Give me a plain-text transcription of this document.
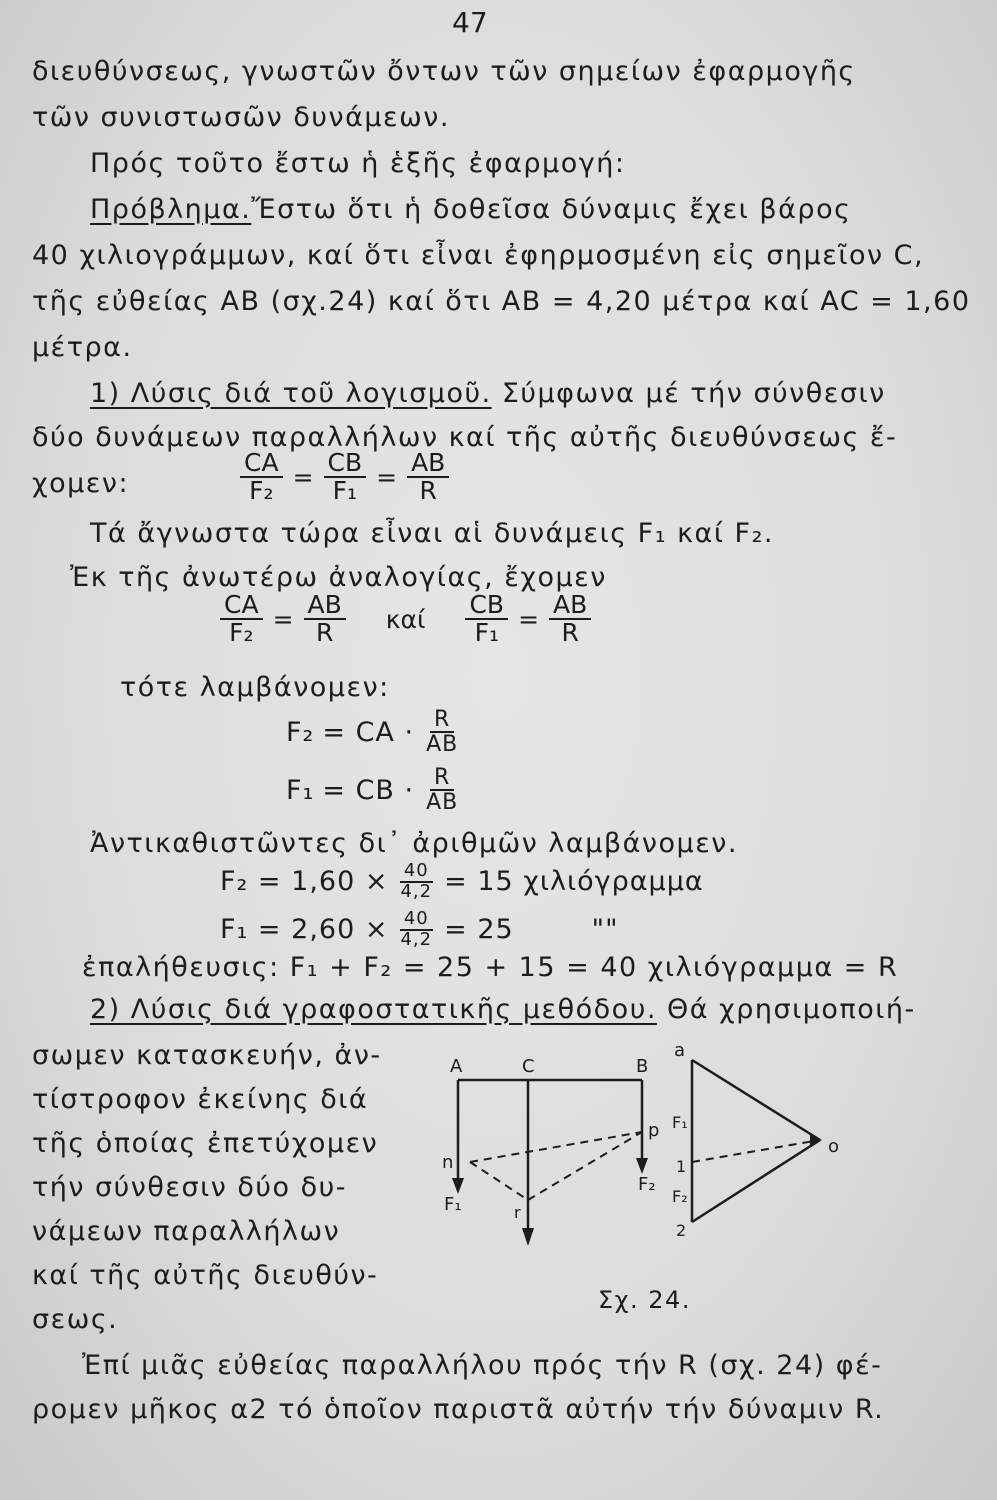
47
διευθύνσεως, γνωστῶν ὄντων τῶν σημείων ἐφαρμογῆς
τῶν συνιστωσῶν δυνάμεων.
Πρός τοῦτο ἔστω ἡ ἑξῆς ἐφαρμογή:
Πρόβλημα.Ἔστω ὅτι ἡ δοθεῖσα δύναμις ἔχει βάρος
40 χιλιογράμμων, καί ὅτι εἶναι ἐφηρμοσμένη εἰς σημεῖον C,
τῆς εὐθείας ΑΒ (σχ.24) καί ὅτι ΑΒ = 4,20 μέτρα καί AC = 1,60
μέτρα.
1) Λύσις διά τοῦ λογισμοῦ. Σύμφωνα μέ τήν σύνθεσιν
δύο δυνάμεων παραλλήλων καί τῆς αὐτῆς διευθύνσεως ἔ-
χομεν:	$\frac{CA}{\text{F₂}} = \frac{CB}{\text{F₁}} = \frac{AB}{R}$
Τά ἄγνωστα τώρα εἶναι αἱ δυνάμεις F₁ καί F₂.
Ἐκ τῆς ἀνωτέρω ἀναλογίας, ἔχομεν
$\frac{CA}{\text{F₂}} = \frac{AB}{R}$ καί $\frac{CB}{\text{F₁}} = \frac{AB}{R}$
τότε λαμβάνομεν:
F₂ = CA · R
AB
F₁ = CB · R
AB
Ἀντικαθιστῶντες δι᾿ ἀριθμῶν λαμβάνομεν.
$F_2 = 1,60 \times \frac{40}{4,2} = 15$ χιλιόγραμμα
$F_1 = 2,60 \times \frac{40}{4,2} = 25$	""
ἐπαλήθευσις: F₁ + F₂ = 25 + 15 = 40 χιλιόγραμμα = R
2) Λύσις διά γραφοστατικῆς μεθόδου. Θά χρησιμοποιή-
σωμεν κατασκευήν, ἀν-
τίστροφον ἐκείνης διά
τῆς ὁποίας ἐπετύχομεν
τήν σύνθεσιν δύο δυ-
νάμεων παραλλήλων
καί τῆς αὐτῆς διευθύν-
σεως.
A	C	B
n
p
F₁
F₂
r
a
o
1
2
F₁
F₂
Σχ. 24.
Ἐπί μιᾶς εὐθείας παραλλήλου πρός τήν R (σχ. 24) φέ-
ρομεν μῆκος α2 τό ὁποῖον παριστᾶ αὐτήν τήν δύναμιν R.
